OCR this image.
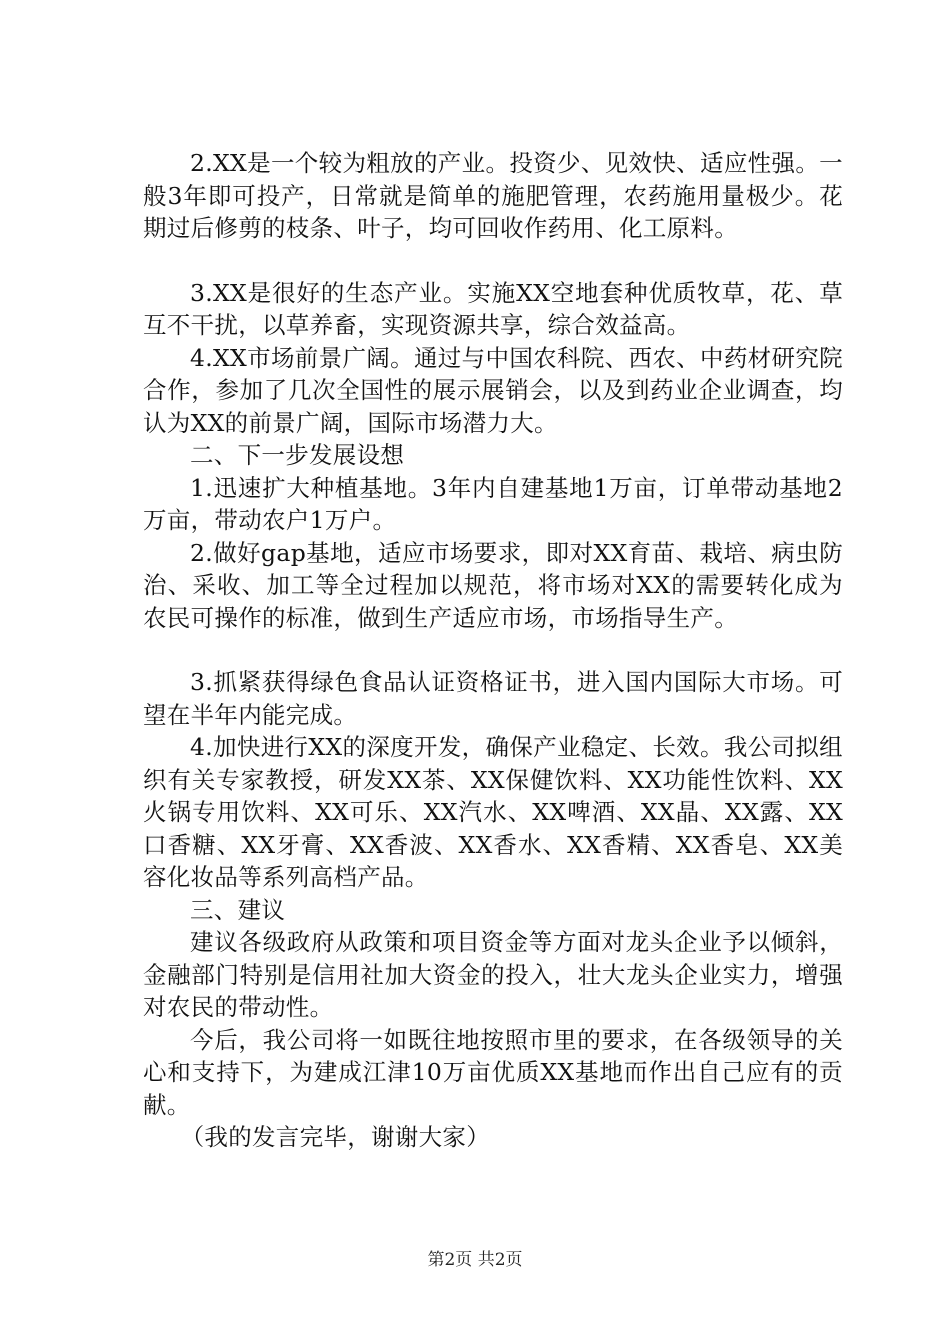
2.XX是一个较为粗放的产业。投资少、见效快、适应性强。一般3年即可投产，日常就是简单的施肥管理，农药施用量极少。花期过后修剪的枝条、叶子，均可回收作药用、化工原料。

3.XX是很好的生态产业。实施XX空地套种优质牧草，花、草互不干扰，以草养畜，实现资源共享，综合效益高。

4.XX市场前景广阔。通过与中国农科院、西农、中药材研究院合作，参加了几次全国性的展示展销会，以及到药业企业调查，均认为XX的前景广阔，国际市场潜力大。

二、下一步发展设想

1.迅速扩大种植基地。3年内自建基地1万亩，订单带动基地2万亩，带动农户1万户。

2.做好gap基地，适应市场要求，即对XX育苗、栽培、病虫防治、采收、加工等全过程加以规范，将市场对XX的需要转化成为农民可操作的标准，做到生产适应市场，市场指导生产。

3.抓紧获得绿色食品认证资格证书，进入国内国际大市场。可望在半年内能完成。

4.加快进行XX的深度开发，确保产业稳定、长效。我公司拟组织有关专家教授，研发XX茶、XX保健饮料、XX功能性饮料、XX火锅专用饮料、XX可乐、XX汽水、XX啤酒、XX晶、XX露、XX口香糖、XX牙膏、XX香波、XX香水、XX香精、XX香皂、XX美容化妆品等系列高档产品。

三、建议

建议各级政府从政策和项目资金等方面对龙头企业予以倾斜，金融部门特别是信用社加大资金的投入，壮大龙头企业实力，增强对农民的带动性。

今后，我公司将一如既往地按照市里的要求，在各级领导的关心和支持下，为建成江津10万亩优质XX基地而作出自己应有的贡献。

（我的发言完毕，谢谢大家）

第2页 共2页
